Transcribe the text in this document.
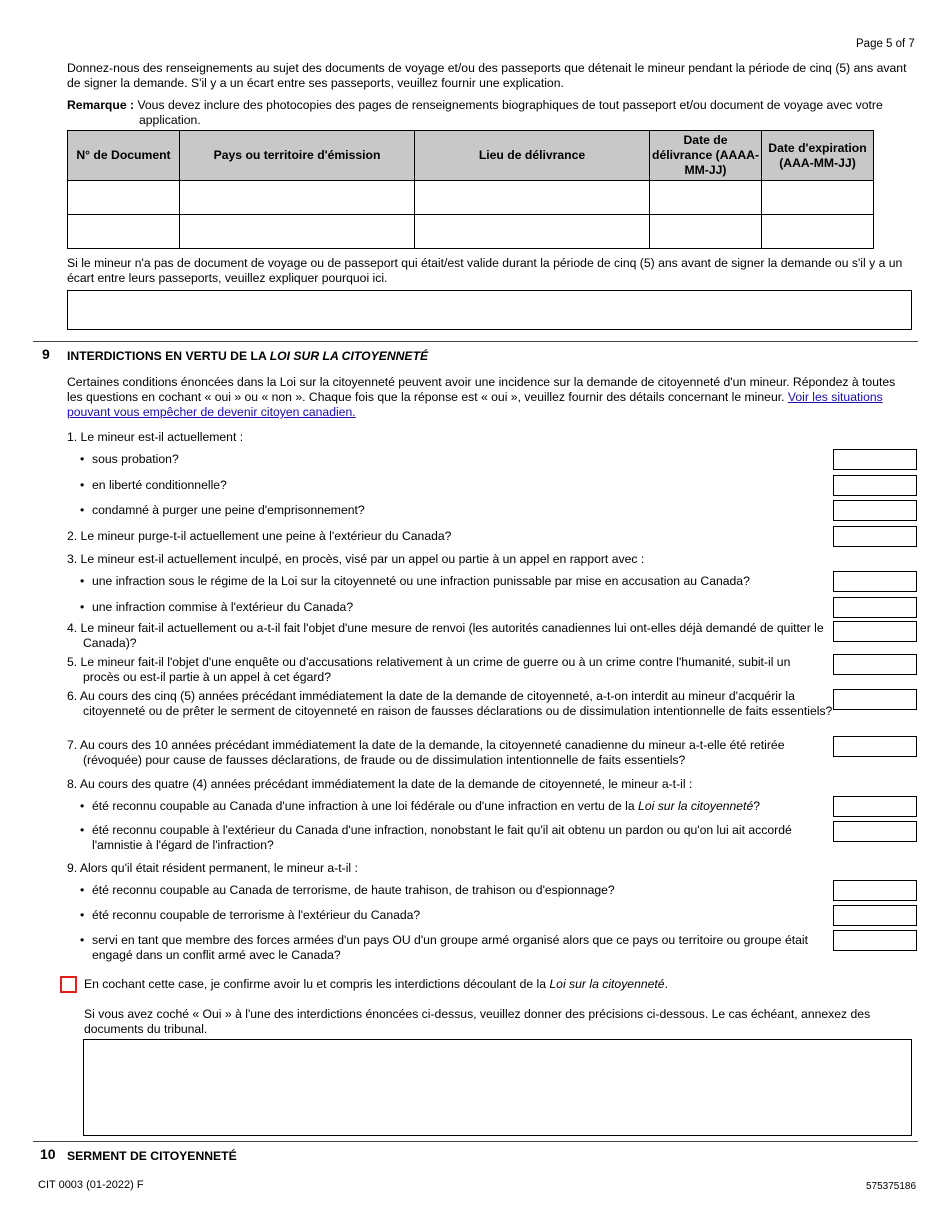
Page 5 of 7
Donnez-nous des renseignements au sujet des documents de voyage et/ou des passeports que détenait le mineur pendant la période de cinq (5) ans avant de signer la demande. S'il y a un écart entre ses passeports, veuillez fournir une explication.
Remarque : Vous devez inclure des photocopies des pages de renseignements biographiques de tout passeport et/ou document de voyage avec votre
application.
N° de Document	Pays ou territoire d'émission	Lieu de délivrance	Date de délivrance (AAAA-MM-JJ)	Date d'expiration (AAA-MM-JJ)

Si le mineur n'a pas de document de voyage ou de passeport qui était/est valide durant la période de cinq (5) ans avant de signer la demande ou s'il y a un écart entre leurs passeports, veuillez expliquer pourquoi ici.
9 INTERDICTIONS EN VERTU DE LA LOI SUR LA CITOYENNETÉ
Certaines conditions énoncées dans la Loi sur la citoyenneté peuvent avoir une incidence sur la demande de citoyenneté d'un mineur. Répondez à toutes les questions en cochant « oui » ou « non ». Chaque fois que la réponse est « oui », veuillez fournir des détails concernant le mineur. Voir les situations pouvant vous empêcher de devenir citoyen canadien.
1. Le mineur est-il actuellement :
• sous probation?
• en liberté conditionnelle?
• condamné à purger une peine d'emprisonnement?
2. Le mineur purge-t-il actuellement une peine à l'extérieur du Canada?
3. Le mineur est-il actuellement inculpé, en procès, visé par un appel ou partie à un appel en rapport avec :
• une infraction sous le régime de la Loi sur la citoyenneté ou une infraction punissable par mise en accusation au Canada?
• une infraction commise à l'extérieur du Canada?
4. Le mineur fait-il actuellement ou a-t-il fait l'objet d'une mesure de renvoi (les autorités canadiennes lui ont-elles déjà demandé de quitter le Canada)?
5. Le mineur fait-il l'objet d'une enquête ou d'accusations relativement à un crime de guerre ou à un crime contre l'humanité, subit-il un procès ou est-il partie à un appel à cet égard?
6. Au cours des cinq (5) années précédant immédiatement la date de la demande de citoyenneté, a-t-on interdit au mineur d'acquérir la citoyenneté ou de prêter le serment de citoyenneté en raison de fausses déclarations ou de dissimulation intentionnelle de faits essentiels?
7. Au cours des 10 années précédant immédiatement la date de la demande, la citoyenneté canadienne du mineur a-t-elle été retirée (révoquée) pour cause de fausses déclarations, de fraude ou de dissimulation intentionnelle de faits essentiels?
8. Au cours des quatre (4) années précédant immédiatement la date de la demande de citoyenneté, le mineur a-t-il :
• été reconnu coupable au Canada d'une infraction à une loi fédérale ou d'une infraction en vertu de la Loi sur la citoyenneté?
• été reconnu coupable à l'extérieur du Canada d'une infraction, nonobstant le fait qu'il ait obtenu un pardon ou qu'on lui ait accordé l'amnistie à l'égard de l'infraction?
9. Alors qu'il était résident permanent, le mineur a-t-il :
• été reconnu coupable au Canada de terrorisme, de haute trahison, de trahison ou d'espionnage?
• été reconnu coupable de terrorisme à l'extérieur du Canada?
• servi en tant que membre des forces armées d'un pays OU d'un groupe armé organisé alors que ce pays ou territoire ou groupe était engagé dans un conflit armé avec le Canada?
En cochant cette case, je confirme avoir lu et compris les interdictions découlant de la Loi sur la citoyenneté.
Si vous avez coché « Oui » à l'une des interdictions énoncées ci-dessus, veuillez donner des précisions ci-dessous. Le cas échéant, annexez des documents du tribunal.
10 SERMENT DE CITOYENNETÉ
CIT 0003 (01-2022) F	575375186
